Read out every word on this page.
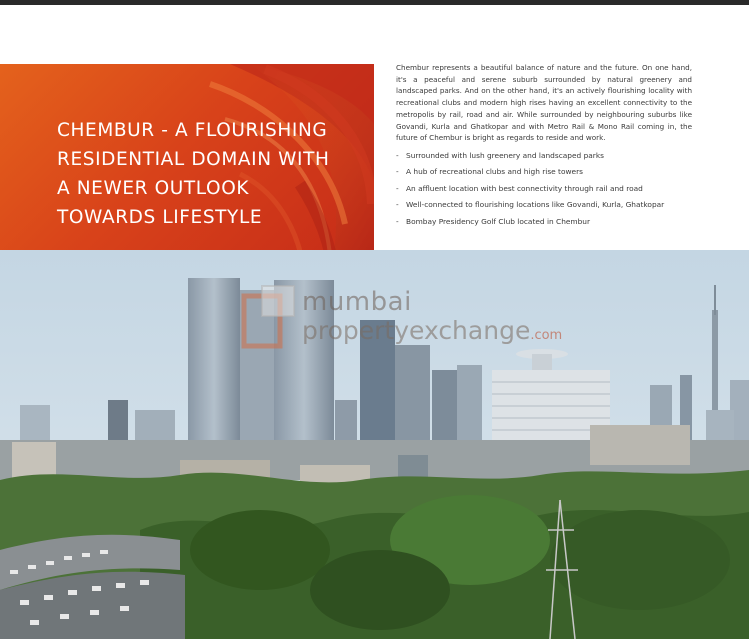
CHEMBUR - A FLOURISHING
RESIDENTIAL DOMAIN WITH
A NEWER OUTLOOK
TOWARDS LIFESTYLE

Chembur represents a beautiful balance of nature and the future. On one hand, it's a peaceful and serene suburb surrounded by natural greenery and landscaped parks. And on the other hand, it's an actively flourishing locality with recreational clubs and modern high rises having an excellent connectivity to the metropolis by rail, road and air. While surrounded by neighbouring suburbs like Govandi, Kurla and Ghatkopar and with Metro Rail & Mono Rail coming in, the future of Chembur is bright as regards to reside and work.

- Surrounded with lush greenery and landscaped parks
- A hub of recreational clubs and high rise towers
- An affluent location with best connectivity through rail and road
- Well-connected to flourishing locations like Govandi, Kurla, Ghatkopar
- Bombay Presidency Golf Club located in Chembur
mumbai
propertyexchange.com
